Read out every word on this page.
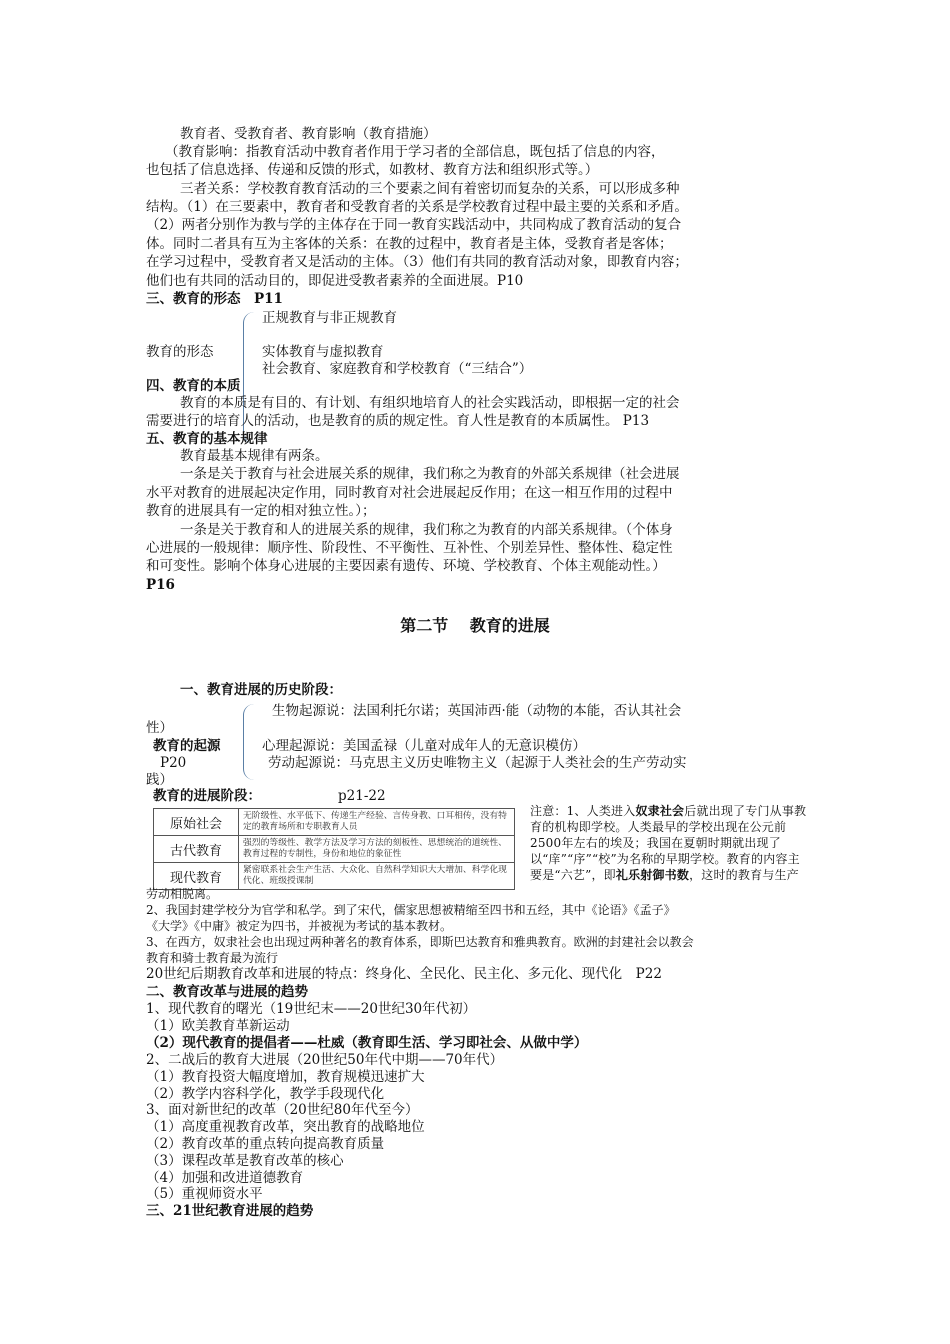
教育者、受教育者、教育影响（教育措施）
（教育影响：指教育活动中教育者作用于学习者的全部信息，既包括了信息的内容，
也包括了信息选择、传递和反馈的形式，如教材、教育方法和组织形式等。）
三者关系：学校教育教育活动的三个要素之间有着密切而复杂的关系，可以形成多种
结构。（1）在三要素中，教育者和受教育者的关系是学校教育过程中最主要的关系和矛盾。
（2）两者分别作为教与学的主体存在于同一教育实践活动中，共同构成了教育活动的复合
体。同时二者具有互为主客体的关系：在教的过程中，教育者是主体，受教育者是客体；
在学习过程中，受教育者又是活动的主体。（3）他们有共同的教育活动对象，即教育内容；
他们也有共同的活动目的，即促进受教者素养的全面进展。P10
三、教育的形态　P11
正规教育与非正规教育
教育的形态	实体教育与虚拟教育
社会教育、家庭教育和学校教育（“三结合”）
四、教育的本质
教育的本质是有目的、有计划、有组织地培育人的社会实践活动，即根据一定的社会
需要进行的培育人的活动，也是教育的质的规定性。育人性是教育的本质属性。 P13
五、教育的基本规律
教育最基本规律有两条。
一条是关于教育与社会进展关系的规律，我们称之为教育的外部关系规律（社会进展
水平对教育的进展起决定作用，同时教育对社会进展起反作用；在这一相互作用的过程中
教育的进展具有一定的相对独立性。）；
一条是关于教育和人的进展关系的规律，我们称之为教育的内部关系规律。（个体身
心进展的一般规律：顺序性、阶段性、不平衡性、互补性、个别差异性、整体性、稳定性
和可变性。影响个体身心进展的主要因素有遗传、环境、学校教育、个体主观能动性。）
P16
第二节　 教育的进展
一、教育进展的历史阶段：
生物起源说：法国利托尔诺；英国沛西·能（动物的本能，否认其社会
性）
教育的起源	心理起源说：美国孟禄（儿童对成年人的无意识模仿）
P20	劳动起源说：马克思主义历史唯物主义（起源于人类社会的生产劳动实
践）
教育的进展阶段：	p21-22
原始社会	无阶级性、水平低下、传递生产经验、言传身教、口耳相传，没有特定的教育场所和专职教育人员
古代教育	强烈的等级性、教学方法及学习方法的刻板性、思想统治的道统性、教育过程的专制性，身份和地位的象征性
现代教育	紧密联系社会生产生活、大众化、自然科学知识大大增加、科学化现代化、班级授课制
注意：1、人类进入奴隶社会后就出现了专门从事教育的机构即学校。人类最早的学校出现在公元前2500年左右的埃及；我国在夏朝时期就出现了以“庠”“序”“校”为名称的早期学校。教育的内容主要是“六艺”，即礼乐射御书数，这时的教育与生产
劳动相脱离。
2、我国封建学校分为官学和私学。到了宋代，儒家思想被精缩至四书和五经，其中《论语》《孟子》
《大学》《中庸》被定为四书，并被视为考试的基本教材。
3、在西方，奴隶社会也出现过两种著名的教育体系，即斯巴达教育和雅典教育。欧洲的封建社会以教会
教育和骑士教育最为流行
20世纪后期教育改革和进展的特点：终身化、全民化、民主化、多元化、现代化　P22
二、教育改革与进展的趋势
1、现代教育的曙光（19世纪末——20世纪30年代初）
（1）欧美教育革新运动
（2）现代教育的提倡者——杜威（教育即生活、学习即社会、从做中学）
2、二战后的教育大进展（20世纪50年代中期——70年代）
（1）教育投资大幅度增加，教育规模迅速扩大
（2）教学内容科学化，教学手段现代化
3、面对新世纪的改革（20世纪80年代至今）
（1）高度重视教育改革，突出教育的战略地位
（2）教育改革的重点转向提高教育质量
（3）课程改革是教育改革的核心
（4）加强和改进道德教育
（5）重视师资水平
三、21世纪教育进展的趋势
